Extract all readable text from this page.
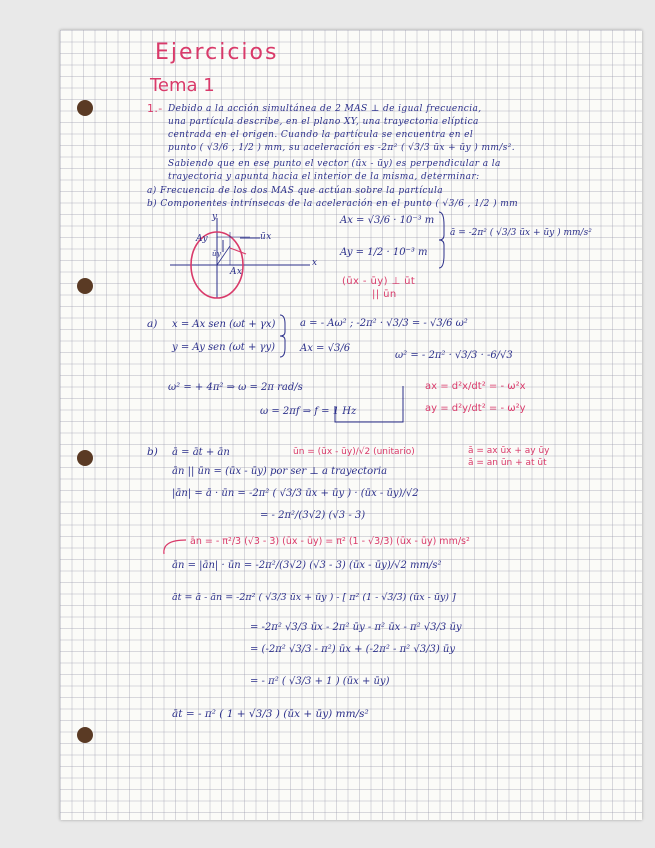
Ejercicios
Tema 1
1.- Debido a la acción simultánea de 2 MAS ⊥ de igual frecuencia,
una partícula describe, en el plano XY, una trayectoria elíptica
centrada en el origen. Cuando la partícula se encuentra en el
punto ( √3/6 , 1/2 ) mm, su aceleración es -2π² ( √3/3 ūx + ūy ) mm/s².
Sabiendo que en ese punto el vector (ūx - ūy) es perpendicular a la
trayectoria y apunta hacia el interior de la misma, determinar:
a) Frecuencia de los dos MAS que actúan sobre la partícula
b) Componentes intrínsecas de la aceleración en el punto ( √3/6 , 1/2 ) mm
y
x
ūx
ūy
Ay
Ax
Ax = √3/6 · 10⁻³ m
Ay = 1/2 · 10⁻³ m
ā = -2π² ( √3/3 ūx + ūy ) mm/s²
(ūx - ūy) ⊥ ūt
|| ūn
a) x = Ax sen (ωt + γx)
y = Ay sen (ωt + γy)
a = - Aω² ; -2π² · √3/3 = - √3/6 ω²
Ax = √3/6
ω² = - 2π² · √3/3 · -6/√3
ω² = + 4π² ⇒ ω = 2π rad/s
ω = 2πf ⇒ f = 1 Hz
ax = d²x/dt² = - ω²x
ay = d²y/dt² = - ω²y
b) ā = āt + ān	ūn = (ūx - ūy)/√2 (unitario)	ā = ax ūx + ay ūy
ā = an ūn + at ūt
ān || ūn = (ūx - ūy) por ser ⊥ a trayectoria
|ān| = ā · ūn = -2π² ( √3/3 ūx + ūy ) · (ūx - ūy)/√2
= - 2π²/(3√2) (√3 - 3)
ān = - π²/3 (√3 - 3) (ūx - ūy) = π² (1 - √3/3) (ūx - ūy) mm/s²
ān = |ān| · ūn = -2π²/(3√2) (√3 - 3) (ūx - ūy)/√2 mm/s²
āt = ā - ān = -2π² ( √3/3 ūx + ūy ) - [ π² (1 - √3/3) (ūx - ūy) ]
= -2π² √3/3 ūx - 2π² ūy - π² ūx - π² √3/3 ūy
= (-2π² √3/3 - π²) ūx + (-2π² - π² √3/3) ūy
= - π² ( √3/3 + 1 ) (ūx + ūy)
āt = - π² ( 1 + √3/3 ) (ūx + ūy) mm/s²
